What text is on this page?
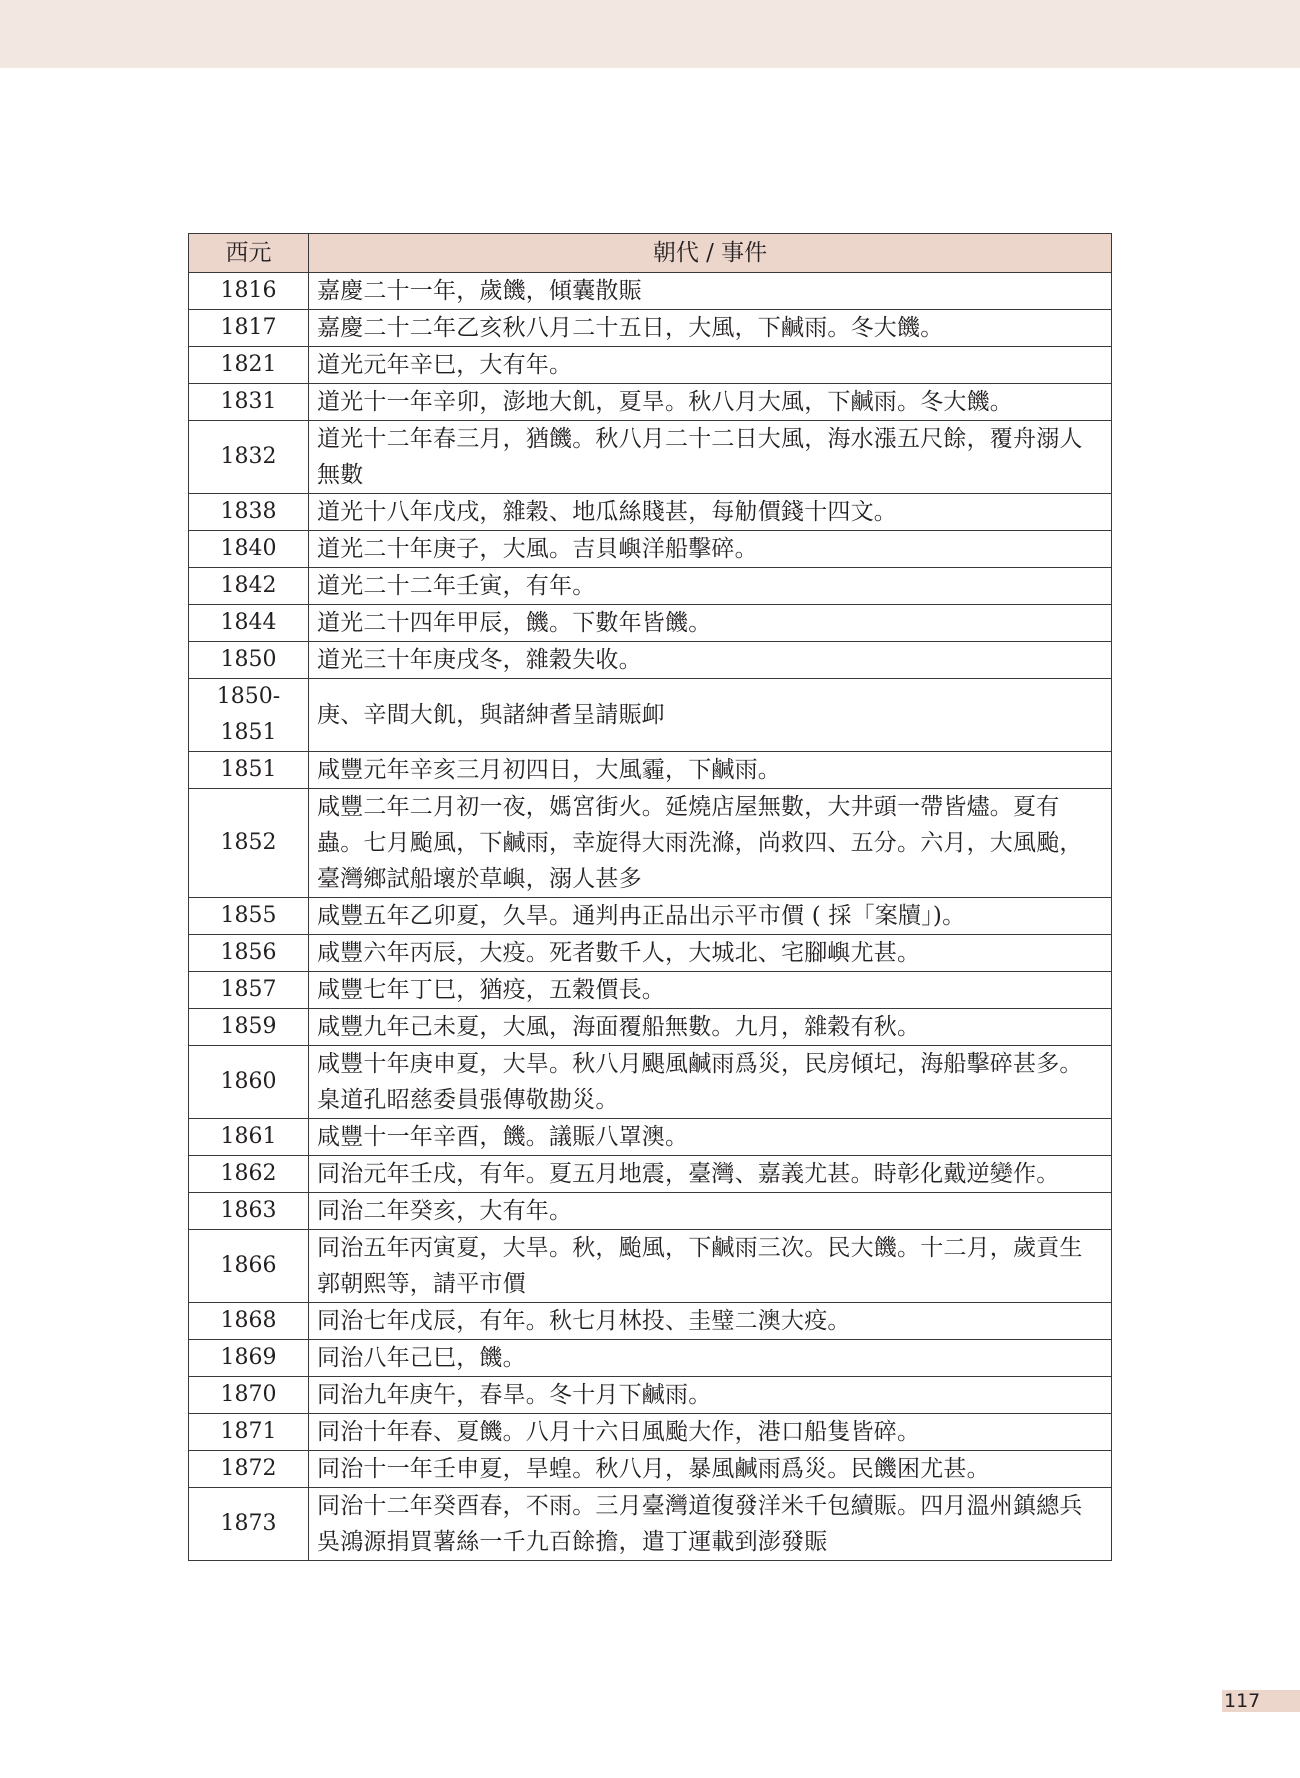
西元	朝代 / 事件
1816	嘉慶二十一年，歲饑，傾囊散賑
1817	嘉慶二十二年乙亥秋八月二十五日，大風，下鹹雨。冬大饑。
1821	道光元年辛巳，大有年。
1831	道光十一年辛卯，澎地大飢，夏旱。秋八月大風，下鹹雨。冬大饑。
1832	道光十二年春三月，猶饑。秋八月二十二日大風，海水漲五尺餘，覆舟溺人無數
1838	道光十八年戊戌，雜穀、地瓜絲賤甚，每觔價錢十四文。
1840	道光二十年庚子，大風。吉貝嶼洋船擊碎。
1842	道光二十二年壬寅，有年。
1844	道光二十四年甲辰，饑。下數年皆饑。
1850	道光三十年庚戌冬，雜穀失收。
1850-1851	庚、辛間大飢，與諸紳耆呈請賑卹
1851	咸豐元年辛亥三月初四日，大風霾，下鹹雨。
1852	咸豐二年二月初一夜，媽宮街火。延燒店屋無數，大井頭一帶皆燼。夏有蟲。七月颱風，下鹹雨，幸旋得大雨洗滌，尚救四、五分。六月，大風颱，臺灣鄉試船壞於草嶼，溺人甚多
1855	咸豐五年乙卯夏，久旱。通判冉正品出示平市價 ( 採「案牘」)。
1856	咸豐六年丙辰，大疫。死者數千人，大城北、宅腳嶼尤甚。
1857	咸豐七年丁巳，猶疫，五穀價長。
1859	咸豐九年己未夏，大風，海面覆船無數。九月，雜穀有秋。
1860	咸豐十年庚申夏，大旱。秋八月颶風鹹雨爲災，民房傾圮，海船擊碎甚多。臬道孔昭慈委員張傳敬勘災。
1861	咸豐十一年辛酉，饑。議賑八罩澳。
1862	同治元年壬戌，有年。夏五月地震，臺灣、嘉義尤甚。時彰化戴逆變作。
1863	同治二年癸亥，大有年。
1866	同治五年丙寅夏，大旱。秋，颱風，下鹹雨三次。民大饑。十二月，歲貢生郭朝熙等，請平市價
1868	同治七年戊辰，有年。秋七月林投、圭璧二澳大疫。
1869	同治八年己巳，饑。
1870	同治九年庚午，春旱。冬十月下鹹雨。
1871	同治十年春、夏饑。八月十六日風颱大作，港口船隻皆碎。
1872	同治十一年壬申夏，旱蝗。秋八月，暴風鹹雨爲災。民饑困尤甚。
1873	同治十二年癸酉春，不雨。三月臺灣道復發洋米千包續賑。四月溫州鎮總兵吳鴻源捐買薯絲一千九百餘擔，遣丁運載到澎發賑
117
